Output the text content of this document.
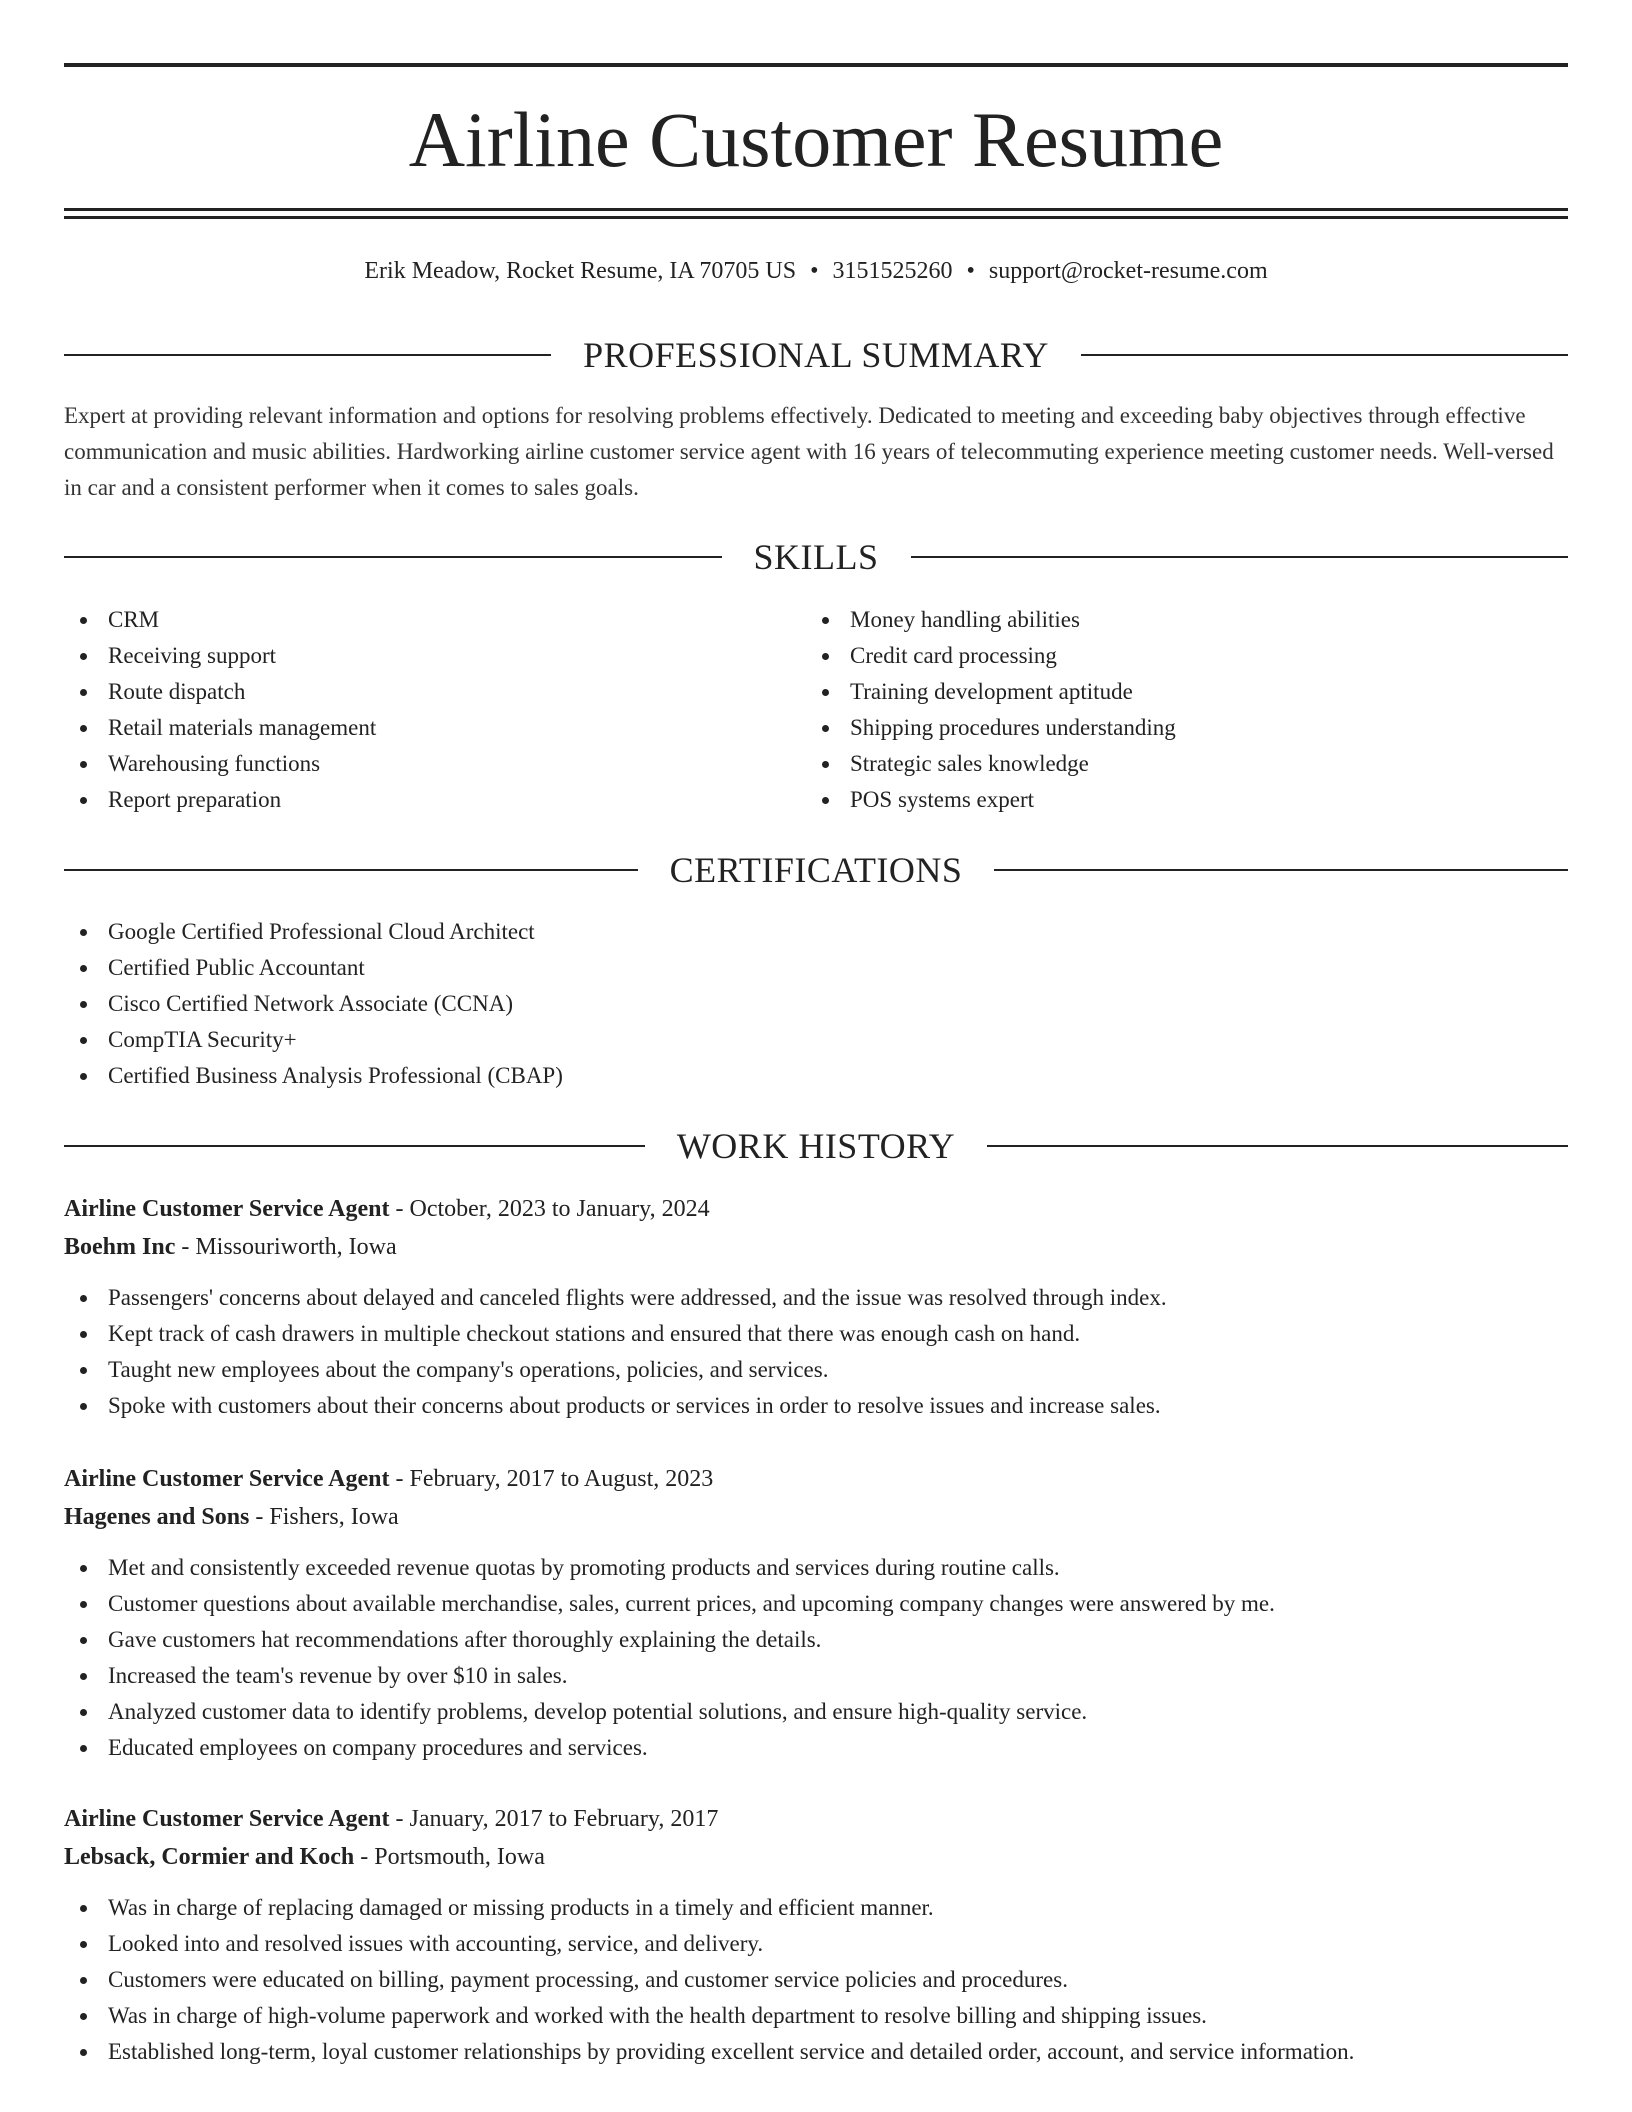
Airline Customer Resume
Erik Meadow, Rocket Resume, IA 70705 US • 3151525260 • support@rocket-resume.com
PROFESSIONAL SUMMARY
Expert at providing relevant information and options for resolving problems effectively. Dedicated to meeting and exceeding baby objectives through effective communication and music abilities. Hardworking airline customer service agent with 16 years of telecommuting experience meeting customer needs. Well-versed in car and a consistent performer when it comes to sales goals.
SKILLS
CRM
Receiving support
Route dispatch
Retail materials management
Warehousing functions
Report preparation
Money handling abilities
Credit card processing
Training development aptitude
Shipping procedures understanding
Strategic sales knowledge
POS systems expert
CERTIFICATIONS
Google Certified Professional Cloud Architect
Certified Public Accountant
Cisco Certified Network Associate (CCNA)
CompTIA Security+
Certified Business Analysis Professional (CBAP)
WORK HISTORY
Airline Customer Service Agent - October, 2023 to January, 2024
Boehm Inc - Missouriworth, Iowa
Passengers' concerns about delayed and canceled flights were addressed, and the issue was resolved through index.
Kept track of cash drawers in multiple checkout stations and ensured that there was enough cash on hand.
Taught new employees about the company's operations, policies, and services.
Spoke with customers about their concerns about products or services in order to resolve issues and increase sales.
Airline Customer Service Agent - February, 2017 to August, 2023
Hagenes and Sons - Fishers, Iowa
Met and consistently exceeded revenue quotas by promoting products and services during routine calls.
Customer questions about available merchandise, sales, current prices, and upcoming company changes were answered by me.
Gave customers hat recommendations after thoroughly explaining the details.
Increased the team's revenue by over $10 in sales.
Analyzed customer data to identify problems, develop potential solutions, and ensure high-quality service.
Educated employees on company procedures and services.
Airline Customer Service Agent - January, 2017 to February, 2017
Lebsack, Cormier and Koch - Portsmouth, Iowa
Was in charge of replacing damaged or missing products in a timely and efficient manner.
Looked into and resolved issues with accounting, service, and delivery.
Customers were educated on billing, payment processing, and customer service policies and procedures.
Was in charge of high-volume paperwork and worked with the health department to resolve billing and shipping issues.
Established long-term, loyal customer relationships by providing excellent service and detailed order, account, and service information.
